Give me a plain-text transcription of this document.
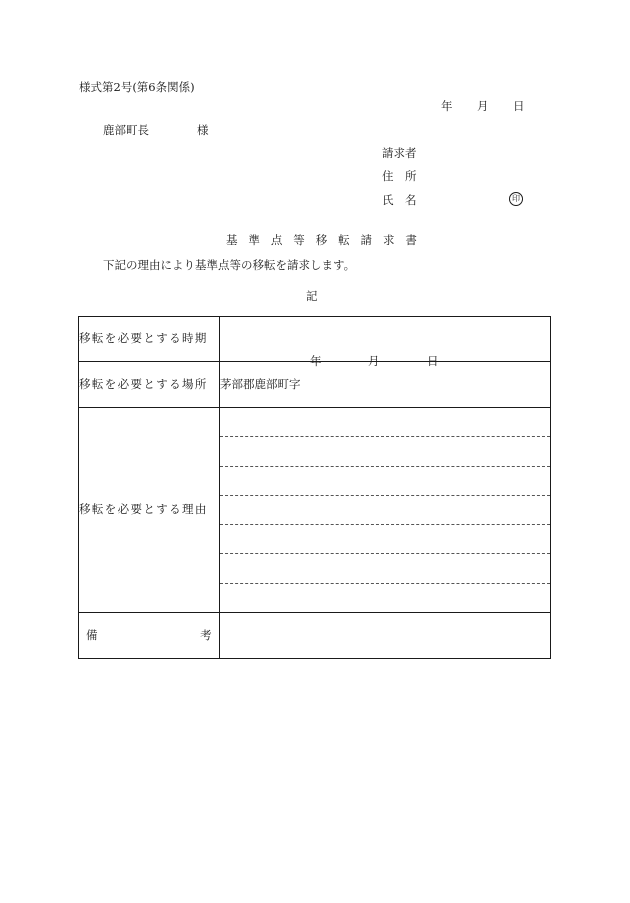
様式第2号(第6条関係)
年 月 日
鹿部町長	様
請求者
住　所
氏　名	印
基準点等移転請求書
下記の理由により基準点等の移転を請求します。
記
移転を必要とする時期	年 月 日

移転を必要とする場所	茅部郡鹿部町字
移転を必要とする理由	

備 考	
